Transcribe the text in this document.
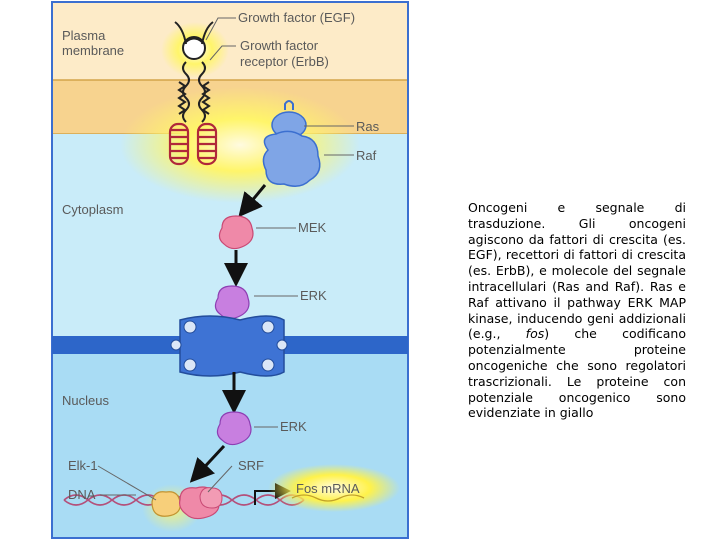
Plasma
membrane
Growth factor (EGF)
Growth factor
receptor (ErbB)
Ras
Raf
Cytoplasm
MEK
ERK
Nucleus
ERK
Elk-1	SRF
DNA	Fos mRNA

Oncogeni e segnale di trasduzione. Gli oncogeni agiscono da fattori di crescita (es. EGF), recettori di fattori di crescita (es. ErbB), e molecole del segnale intracellulari (Ras and Raf). Ras e Raf attivano il pathway ERK MAP kinase, inducendo geni addizionali (e.g., fos) che codificano potenzialmente proteine oncogeniche che sono regolatori trascrizionali. Le proteine con potenziale oncogenico sono evidenziate in giallo
